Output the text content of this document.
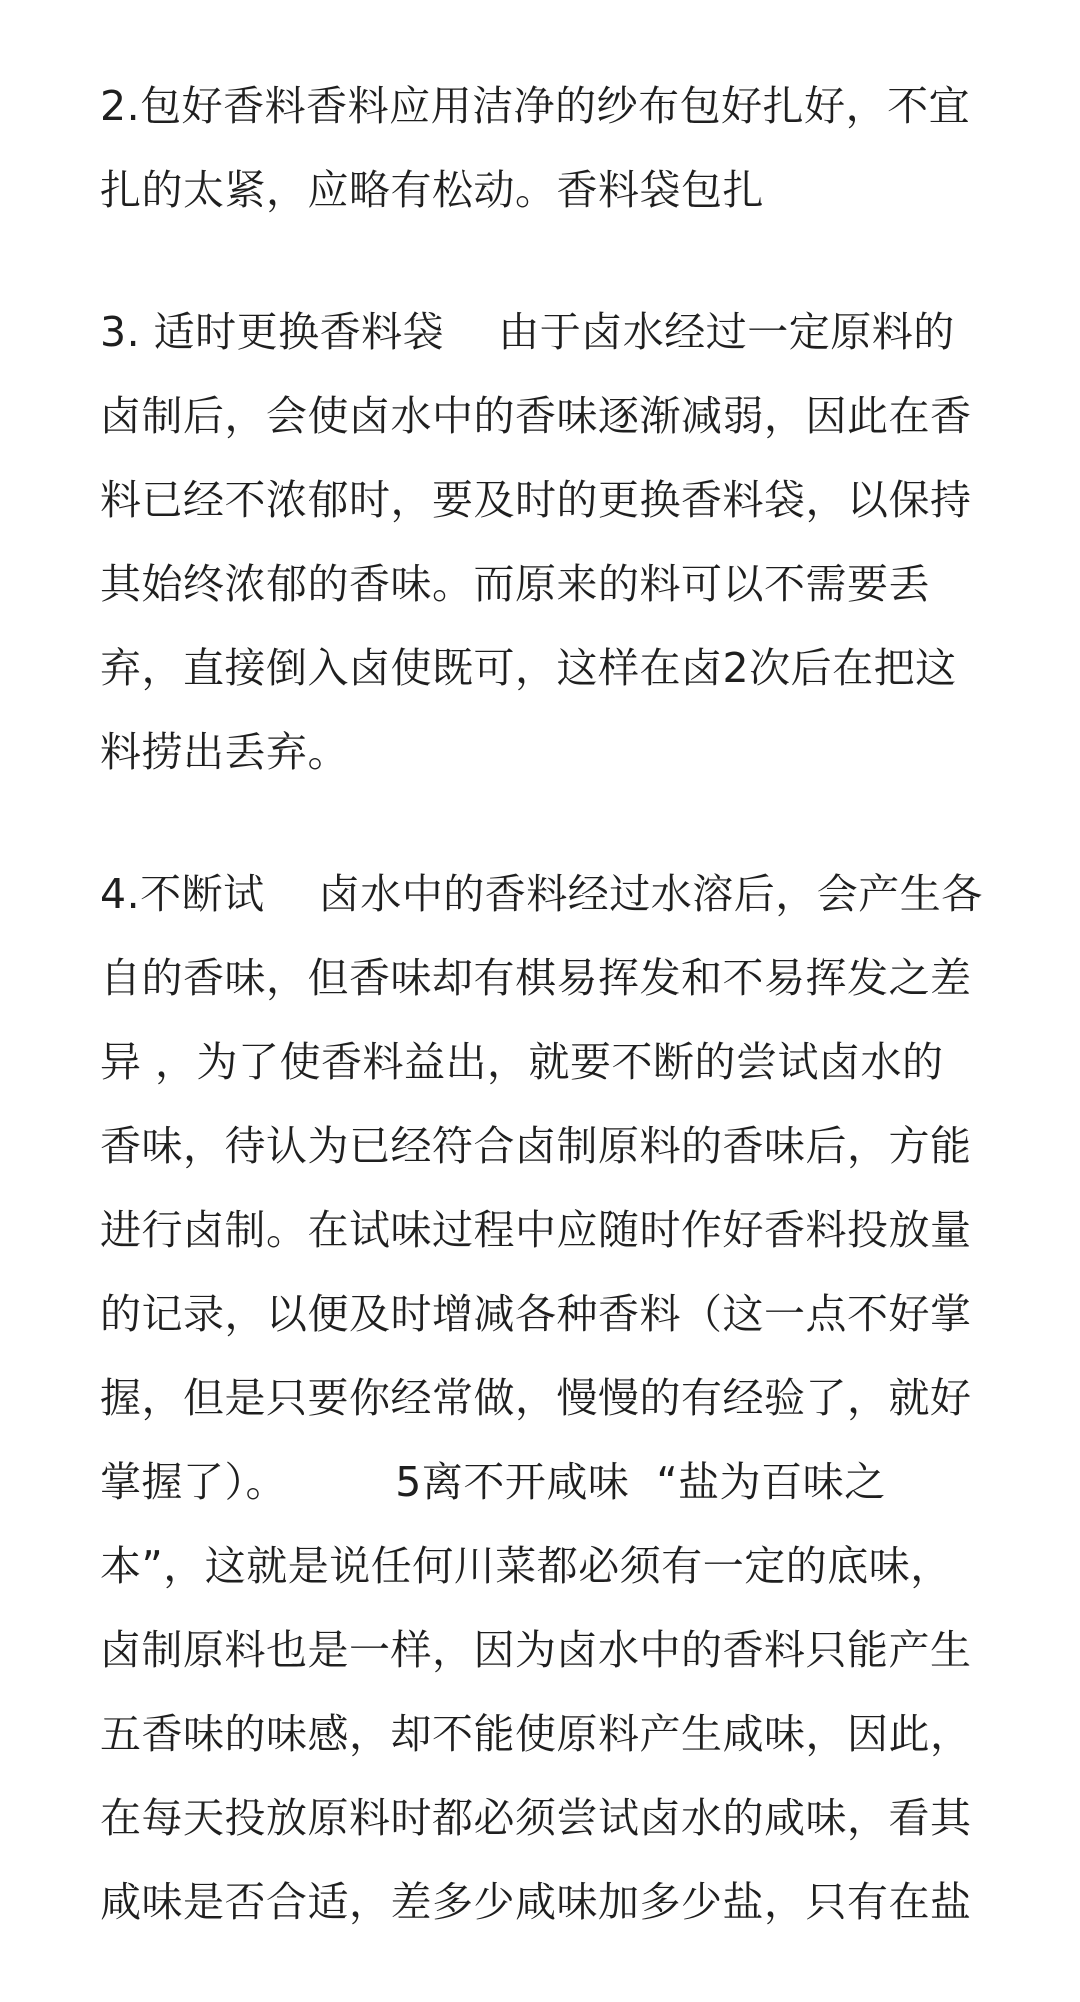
2.包好香料香料应用洁净的纱布包好扎好，不宜扎的太紧，应略有松动。香料袋包扎

3. 适时更换香料袋    由于卤水经过一定原料的卤制后，会使卤水中的香味逐渐减弱，因此在香料已经不浓郁时，要及时的更换香料袋，以保持其始终浓郁的香味。而原来的料可以不需要丢弃，直接倒入卤使既可，这样在卤2次后在把这料捞出丢弃。

4.不断试    卤水中的香料经过水溶后，会产生各自的香味，但香味却有棋易挥发和不易挥发之差异 ，为了使香料益出，就要不断的尝试卤水的香味，待认为已经符合卤制原料的香味后，方能进行卤制。在试味过程中应随时作好香料投放量的记录，以便及时增减各种香料（这一点不好掌握，但是只要你经常做，慢慢的有经验了，就好掌握了）。        5离不开咸味  “盐为百味之本”，这就是说任何川菜都必须有一定的底味，卤制原料也是一样，因为卤水中的香料只能产生五香味的味感，却不能使原料产生咸味，因此，在每天投放原料时都必须尝试卤水的咸味，看其咸味是否合适，差多少咸味加多少盐，只有在盐
